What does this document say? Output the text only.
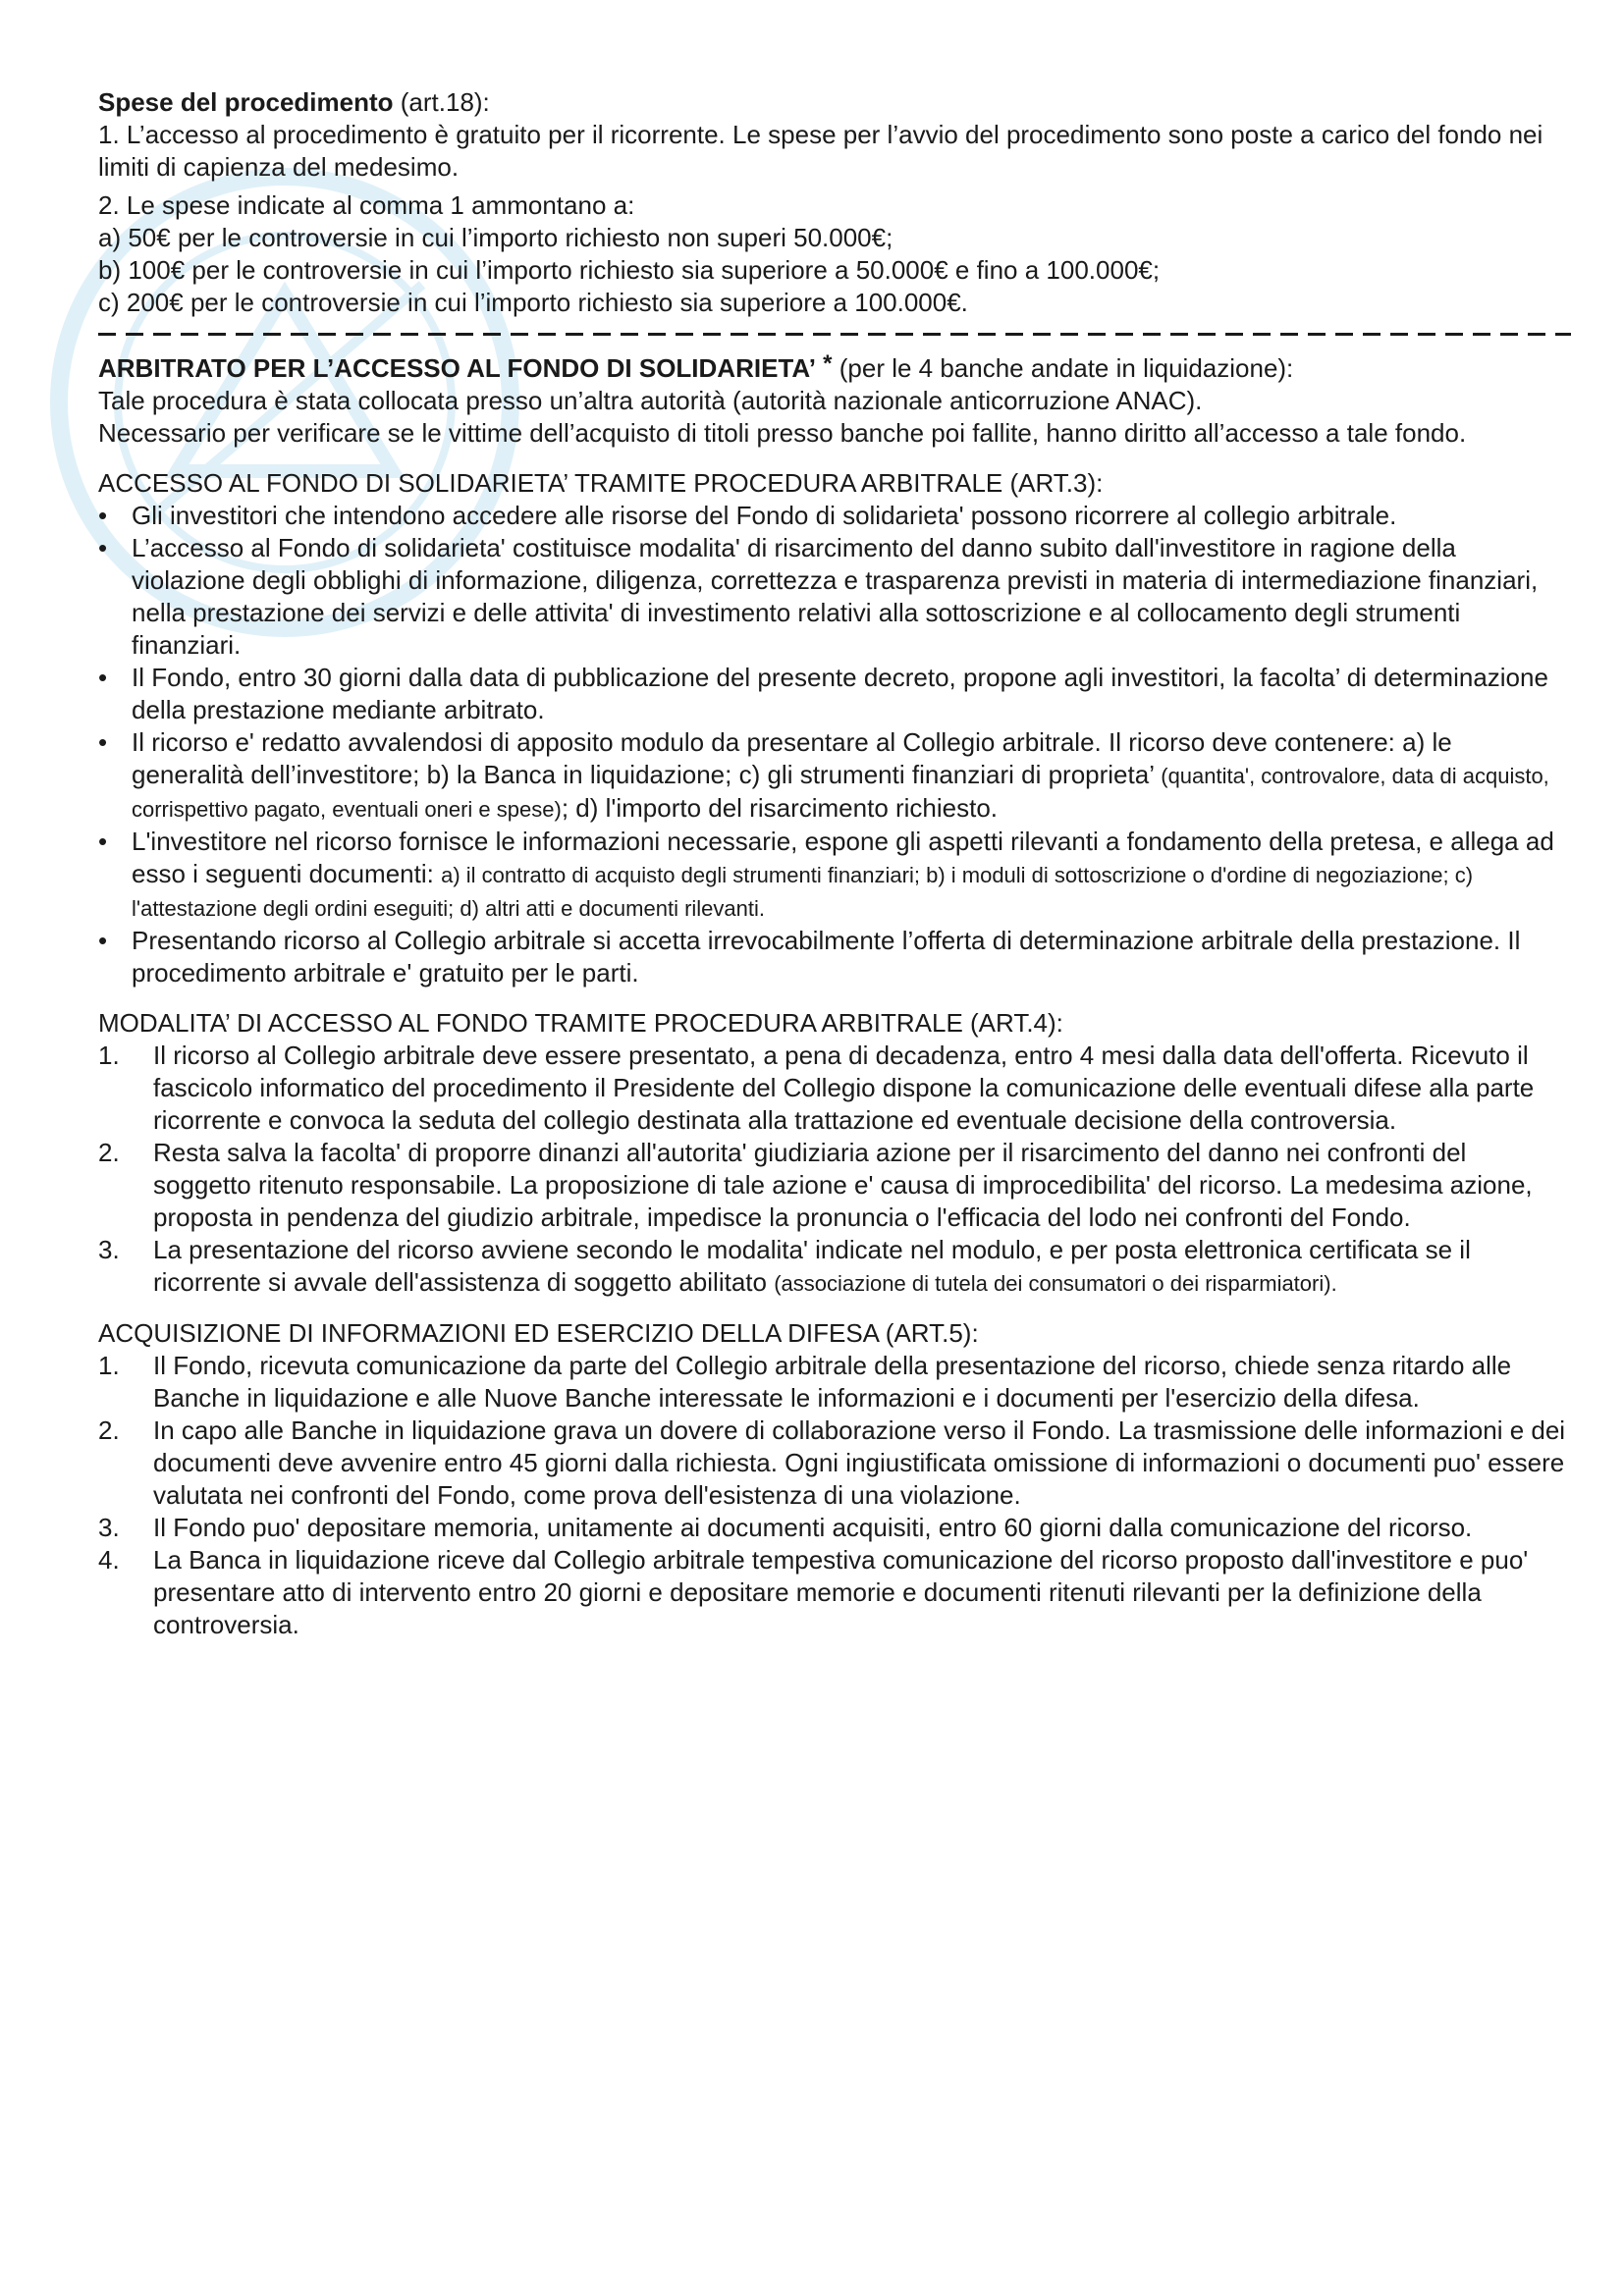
Spese del procedimento (art.18):

1. L’accesso al procedimento è gratuito per il ricorrente. Le spese per l’avvio del procedimento sono poste a carico del fondo nei limiti di capienza del medesimo.

2. Le spese indicate al comma 1 ammontano a:

a) 50€ per le controversie in cui l’importo richiesto non superi 50.000€;

b) 100€ per le controversie in cui l’importo richiesto sia superiore a 50.000€ e fino a 100.000€;

c) 200€ per le controversie in cui l’importo richiesto sia superiore a 100.000€.

ARBITRATO PER L’ACCESSO AL FONDO DI SOLIDARIETA’ * (per le 4 banche andate in liquidazione):

Tale procedura è stata collocata presso un’altra autorità (autorità nazionale anticorruzione ANAC).

Necessario per verificare se le vittime dell’acquisto di titoli presso banche poi fallite, hanno diritto all’accesso a tale fondo.

ACCESSO AL FONDO DI SOLIDARIETA’ TRAMITE PROCEDURA ARBITRALE (ART.3):

• Gli investitori che intendono accedere alle risorse del Fondo di solidarieta' possono ricorrere al collegio arbitrale.
• L’accesso al Fondo di solidarieta' costituisce modalita' di risarcimento del danno subito dall'investitore in ragione della violazione degli obblighi di informazione, diligenza, correttezza e trasparenza previsti in materia di intermediazione finanziari, nella prestazione dei servizi e delle attivita' di investimento relativi alla sottoscrizione e al collocamento degli strumenti finanziari.
• Il Fondo, entro 30 giorni dalla data di pubblicazione del presente decreto, propone agli investitori, la facolta’ di determinazione della prestazione mediante arbitrato.
• Il ricorso e' redatto avvalendosi di apposito modulo da presentare al Collegio arbitrale. Il ricorso deve contenere: a) le generalità dell’investitore; b) la Banca in liquidazione; c) gli strumenti finanziari di proprieta’ (quantita', controvalore, data di acquisto, corrispettivo pagato, eventuali oneri e spese); d) l'importo del risarcimento richiesto.
• L'investitore nel ricorso fornisce le informazioni necessarie, espone gli aspetti rilevanti a fondamento della pretesa, e allega ad esso i seguenti documenti: a) il contratto di acquisto degli strumenti finanziari; b) i moduli di sottoscrizione o d'ordine di negoziazione; c) l'attestazione degli ordini eseguiti; d) altri atti e documenti rilevanti.
• Presentando ricorso al Collegio arbitrale si accetta irrevocabilmente l’offerta di determinazione arbitrale della prestazione. Il procedimento arbitrale e' gratuito per le parti.

MODALITA’ DI ACCESSO AL FONDO TRAMITE PROCEDURA ARBITRALE (ART.4):

1. Il ricorso al Collegio arbitrale deve essere presentato, a pena di decadenza, entro 4 mesi dalla data dell'offerta. Ricevuto il fascicolo informatico del procedimento il Presidente del Collegio dispone la comunicazione delle eventuali difese alla parte ricorrente e convoca la seduta del collegio destinata alla trattazione ed eventuale decisione della controversia.
2. Resta salva la facolta' di proporre dinanzi all'autorita' giudiziaria azione per il risarcimento del danno nei confronti del soggetto ritenuto responsabile. La proposizione di tale azione e' causa di improcedibilita' del ricorso. La medesima azione, proposta in pendenza del giudizio arbitrale, impedisce la pronuncia o l'efficacia del lodo nei confronti del Fondo.
3. La presentazione del ricorso avviene secondo le modalita' indicate nel modulo, e per posta elettronica certificata se il ricorrente si avvale dell'assistenza di soggetto abilitato (associazione di tutela dei consumatori o dei risparmiatori).

ACQUISIZIONE DI INFORMAZIONI ED ESERCIZIO DELLA DIFESA (ART.5):

1. Il Fondo, ricevuta comunicazione da parte del Collegio arbitrale della presentazione del ricorso, chiede senza ritardo alle Banche in liquidazione e alle Nuove Banche interessate le informazioni e i documenti per l'esercizio della difesa.
2. In capo alle Banche in liquidazione grava un dovere di collaborazione verso il Fondo. La trasmissione delle informazioni e dei documenti deve avvenire entro 45 giorni dalla richiesta. Ogni ingiustificata omissione di informazioni o documenti puo' essere valutata nei confronti del Fondo, come prova dell'esistenza di una violazione.
3. Il Fondo puo' depositare memoria, unitamente ai documenti acquisiti, entro 60 giorni dalla comunicazione del ricorso.
4. La Banca in liquidazione riceve dal Collegio arbitrale tempestiva comunicazione del ricorso proposto dall'investitore e puo' presentare atto di intervento entro 20 giorni e depositare memorie e documenti ritenuti rilevanti per la definizione della controversia.
